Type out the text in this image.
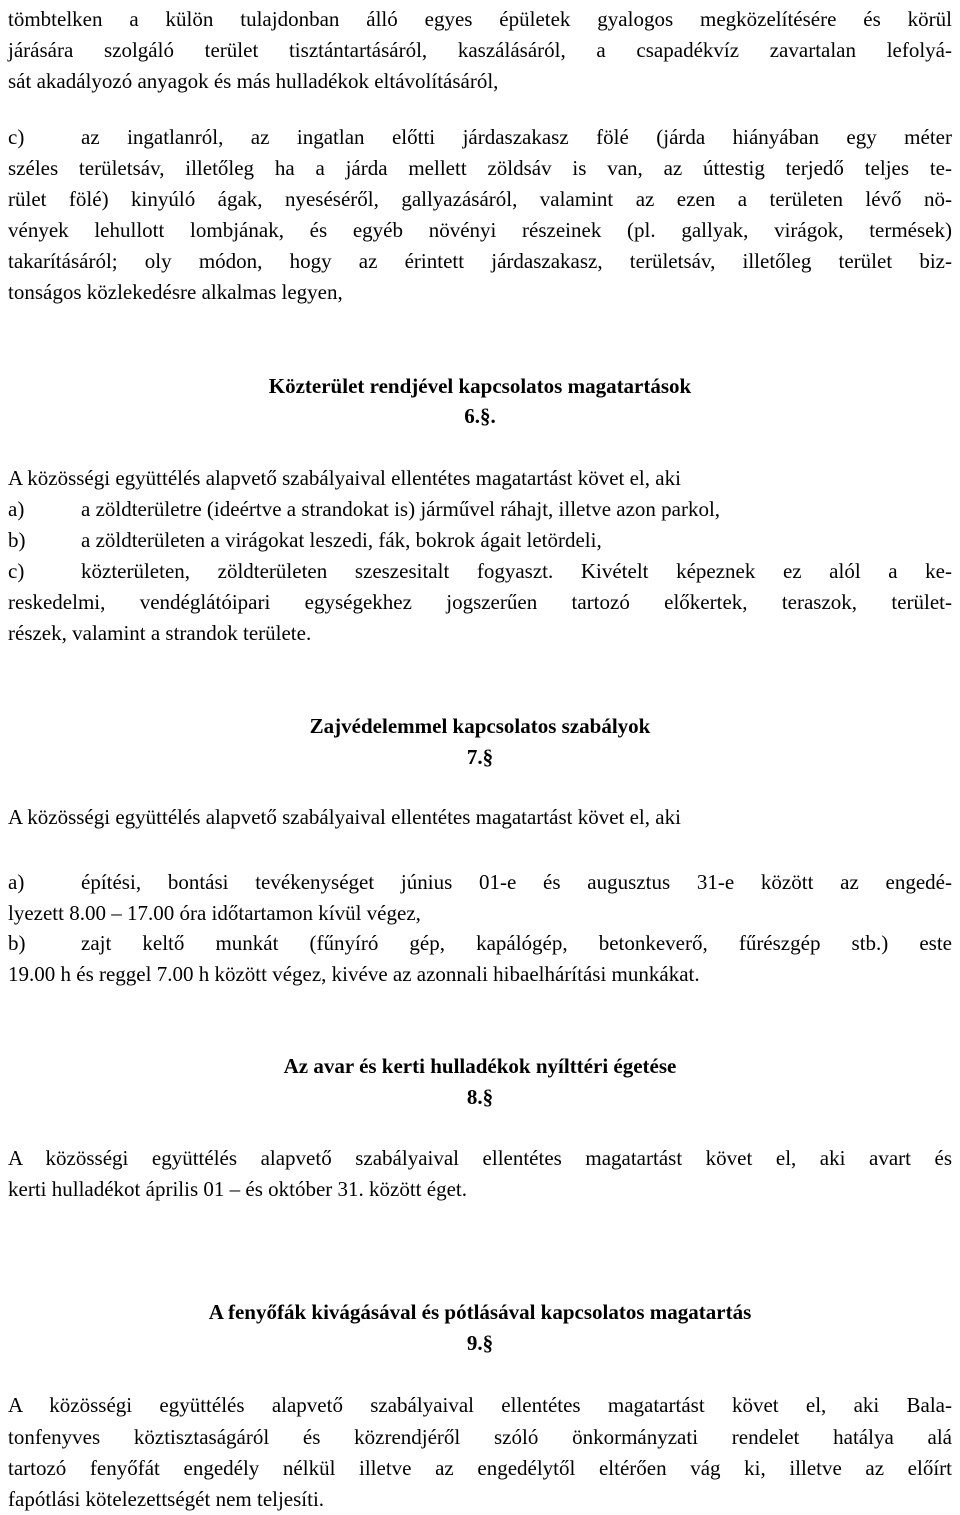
tömbtelken a külön tulajdonban álló egyes épületek gyalogos megközelítésére és körül
járására szolgáló terület tisztántartásáról, kaszálásáról, a csapadékvíz zavartalan lefolyá-
sát akadályozó anyagok és más hulladékok eltávolításáról,
c)	az ingatlanról, az ingatlan előtti járdaszakasz fölé (járda hiányában egy méter
széles területsáv, illetőleg ha a járda mellett zöldsáv is van, az úttestig terjedő teljes te-
rület fölé) kinyúló ágak, nyeséséről, gallyazásáról, valamint az ezen a területen lévő nö-
vények lehullott lombjának, és egyéb növényi részeinek (pl. gallyak, virágok, termések)
takarításáról; oly módon, hogy az érintett járdaszakasz, területsáv, illetőleg terület biz-
tonságos közlekedésre alkalmas legyen,
Közterület rendjével kapcsolatos magatartások
6.§.
A közösségi együttélés alapvető szabályaival ellentétes magatartást követ el, aki
a)	a zöldterületre (ideértve a strandokat is) járművel ráhajt, illetve azon parkol,
b)	a zöldterületen a virágokat leszedi, fák, bokrok ágait letördeli,
c)	közterületen, zöldterületen szeszesitalt fogyaszt. Kivételt képeznek ez alól a ke-
reskedelmi, vendéglátóipari egységekhez jogszerűen tartozó előkertek, teraszok, terület-
részek, valamint a strandok területe.
Zajvédelemmel kapcsolatos szabályok
7.§
A közösségi együttélés alapvető szabályaival ellentétes magatartást követ el, aki
a)	építési, bontási tevékenységet június 01-e és augusztus 31-e között az engedé-
lyezett 8.00 – 17.00 óra időtartamon kívül végez,
b)	zajt keltő munkát (fűnyíró gép, kapálógép, betonkeverő, fűrészgép stb.) este
19.00 h és reggel 7.00 h között végez, kivéve az azonnali hibaelhárítási munkákat.
Az avar és kerti hulladékok nyílttéri égetése
8.§
A közösségi együttélés alapvető szabályaival ellentétes magatartást követ el, aki avart és
kerti hulladékot április 01 – és október 31. között éget.
A fenyőfák kivágásával és pótlásával kapcsolatos magatartás
9.§
A közösségi együttélés alapvető szabályaival ellentétes magatartást követ el, aki Bala-
tonfenyves köztisztaságáról és közrendjéről szóló önkormányzati rendelet hatálya alá
tartozó fenyőfát engedély nélkül illetve az engedélytől eltérően vág ki, illetve az előírt
fapótlási kötelezettségét nem teljesíti.
